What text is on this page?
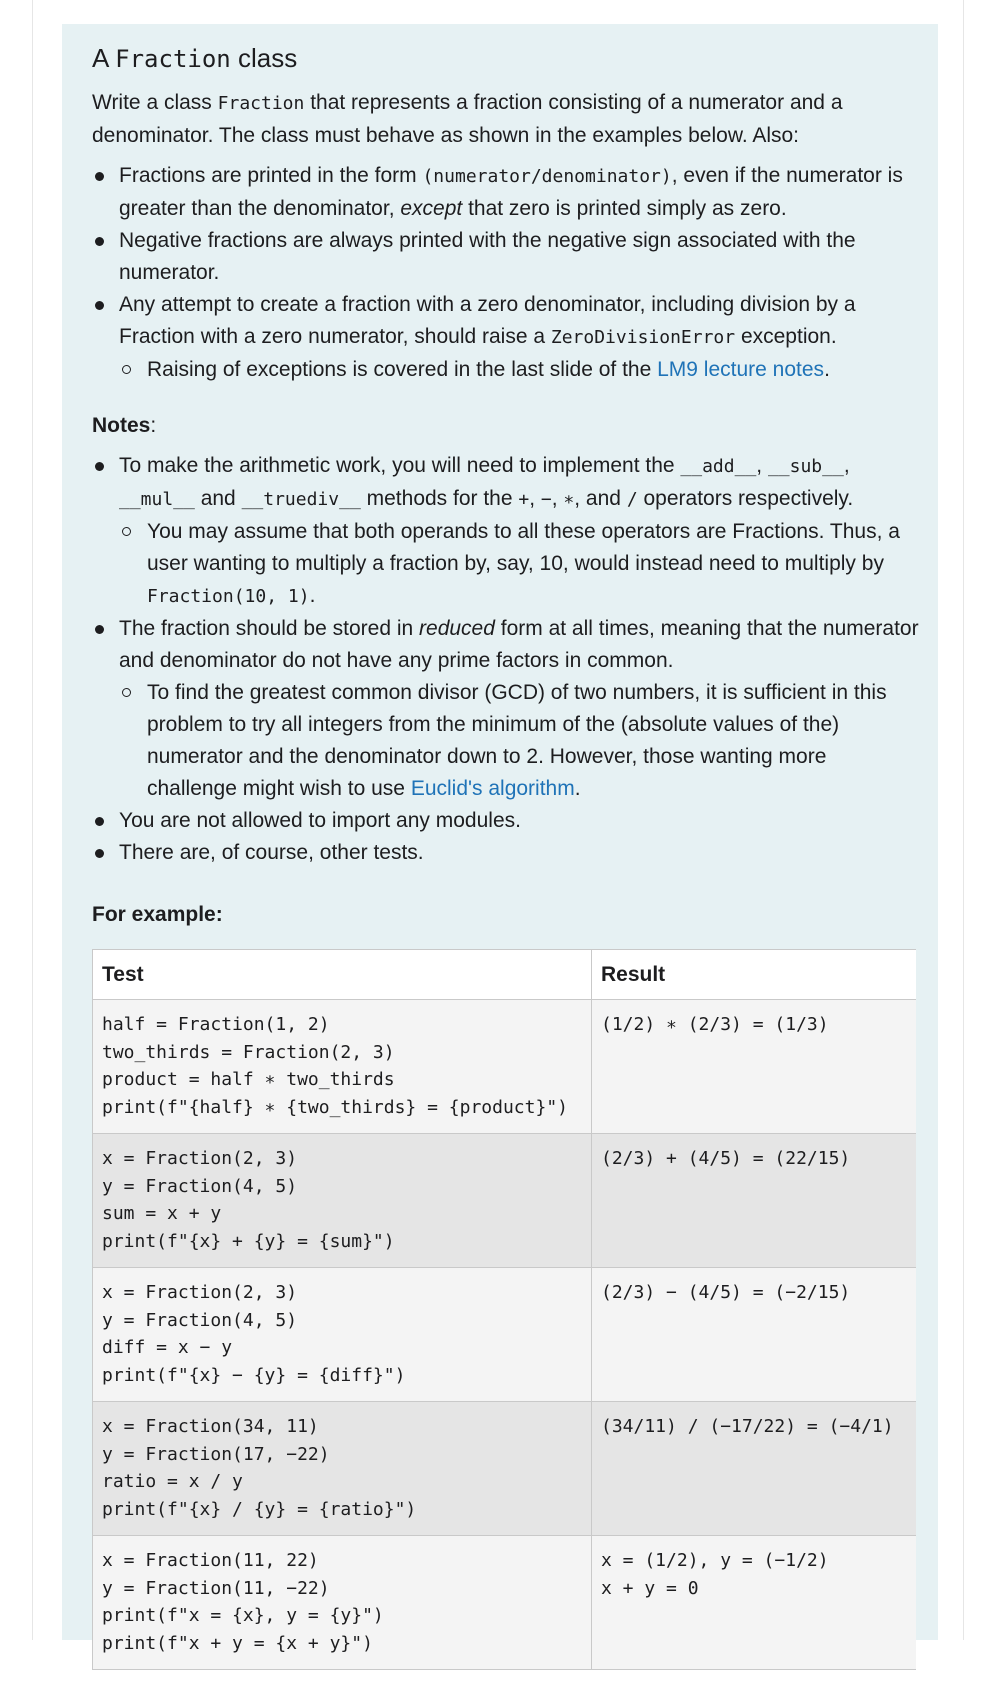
A Fraction class

Write a class Fraction that represents a fraction consisting of a numerator and a denominator. The class must behave as shown in the examples below. Also:

Fractions are printed in the form (numerator/denominator), even if the numerator is greater than the denominator, except that zero is printed simply as zero.
Negative fractions are always printed with the negative sign associated with the numerator.
Any attempt to create a fraction with a zero denominator, including division by a Fraction with a zero numerator, should raise a ZeroDivisionError exception.
Raising of exceptions is covered in the last slide of the LM9 lecture notes.

Notes:

To make the arithmetic work, you will need to implement the __add__, __sub__, __mul__ and __truediv__ methods for the +, −, ∗, and / operators respectively.
You may assume that both operands to all these operators are Fractions. Thus, a user wanting to multiply a fraction by, say, 10, would instead need to multiply by Fraction(10, 1).
The fraction should be stored in reduced form at all times, meaning that the numerator and denominator do not have any prime factors in common.
To find the greatest common divisor (GCD) of two numbers, it is sufficient in this problem to try all integers from the minimum of the (absolute values of the) numerator and the denominator down to 2. However, those wanting more challenge might wish to use Euclid's algorithm.
You are not allowed to import any modules.
There are, of course, other tests.

For example:

Test	Result
half = Fraction(1, 2)
two_thirds = Fraction(2, 3)
product = half ∗ two_thirds
print(f"{half} ∗ {two_thirds} = {product}")	(1/2) ∗ (2/3) = (1/3)
x = Fraction(2, 3)
y = Fraction(4, 5)
sum = x + y
print(f"{x} + {y} = {sum}")	(2/3) + (4/5) = (22/15)
x = Fraction(2, 3)
y = Fraction(4, 5)
diff = x − y
print(f"{x} − {y} = {diff}")	(2/3) − (4/5) = (−2/15)
x = Fraction(34, 11)
y = Fraction(17, −22)
ratio = x / y
print(f"{x} / {y} = {ratio}")	(34/11) / (−17/22) = (−4/1)
x = Fraction(11, 22)
y = Fraction(11, −22)
print(f"x = {x}, y = {y}")
print(f"x + y = {x + y}")	x = (1/2), y = (−1/2)
x + y = 0
